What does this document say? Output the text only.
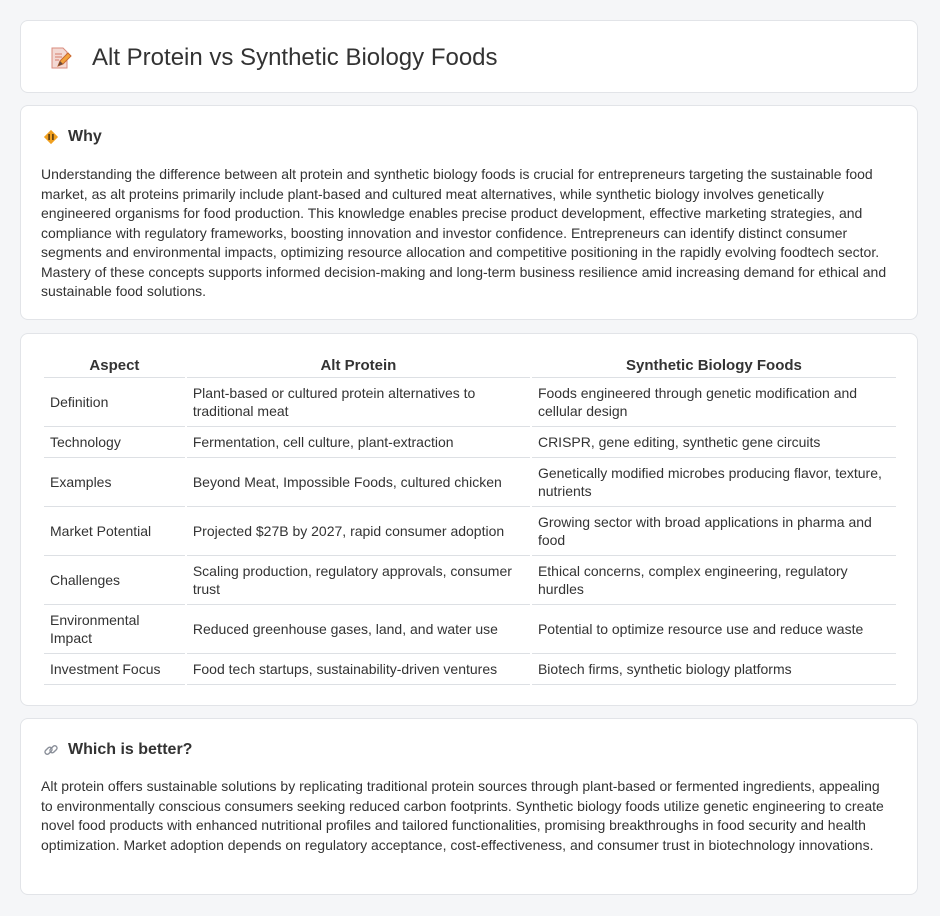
Alt Protein vs Synthetic Biology Foods
Why

Understanding the difference between alt protein and synthetic biology foods is crucial for entrepreneurs targeting the sustainable food market, as alt proteins primarily include plant-based and cultured meat alternatives, while synthetic biology involves genetically engineered organisms for food production. This knowledge enables precise product development, effective marketing strategies, and compliance with regulatory frameworks, boosting innovation and investor confidence. Entrepreneurs can identify distinct consumer segments and environmental impacts, optimizing resource allocation and competitive positioning in the rapidly evolving foodtech sector. Mastery of these concepts supports informed decision-making and long-term business resilience amid increasing demand for ethical and sustainable food solutions.

Aspect	Alt Protein	Synthetic Biology Foods
Definition	Plant-based or cultured protein alternatives to traditional meat	Foods engineered through genetic modification and cellular design
Technology	Fermentation, cell culture, plant-extraction	CRISPR, gene editing, synthetic gene circuits
Examples	Beyond Meat, Impossible Foods, cultured chicken	Genetically modified microbes producing flavor, texture, nutrients
Market Potential	Projected $27B by 2027, rapid consumer adoption	Growing sector with broad applications in pharma and food
Challenges	Scaling production, regulatory approvals, consumer trust	Ethical concerns, complex engineering, regulatory hurdles
Environmental Impact	Reduced greenhouse gases, land, and water use	Potential to optimize resource use and reduce waste
Investment Focus	Food tech startups, sustainability-driven ventures	Biotech firms, synthetic biology platforms
Which is better?

Alt protein offers sustainable solutions by replicating traditional protein sources through plant-based or fermented ingredients, appealing to environmentally conscious consumers seeking reduced carbon footprints. Synthetic biology foods utilize genetic engineering to create novel food products with enhanced nutritional profiles and tailored functionalities, promising breakthroughs in food security and health optimization. Market adoption depends on regulatory acceptance, cost-effectiveness, and consumer trust in biotechnology innovations.
